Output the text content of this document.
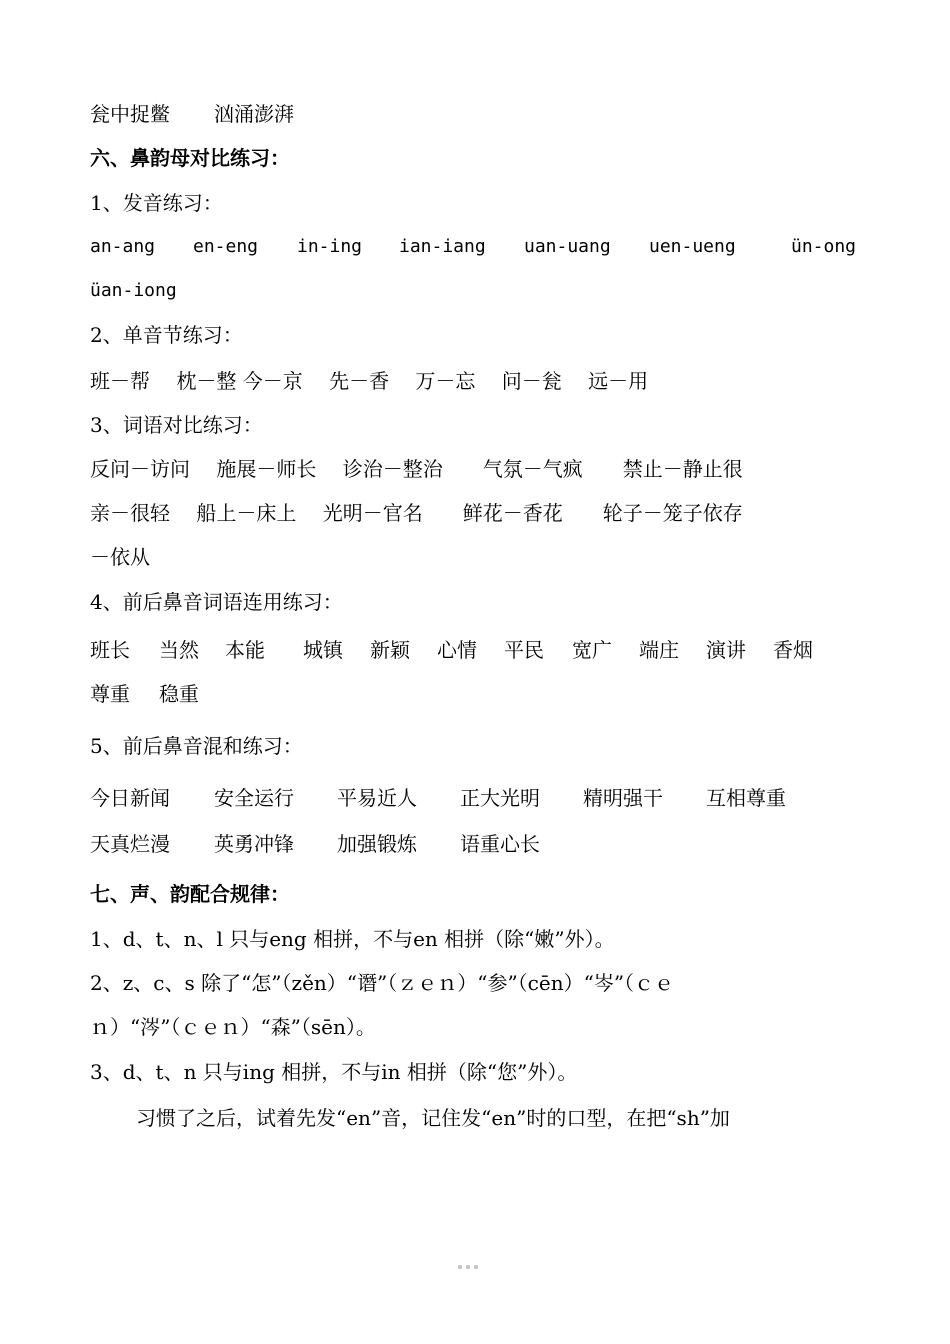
瓮中捉鳖

汹涌澎湃

六、鼻韵母对比练习：
1、发音练习：

an-ang

en-eng

in-ing

ian-iang

uan-uang

uen-ueng

	ün-ong

üan-iong
2、单音节练习：
班－帮　 枕－整 今－京　 先－香　 万－忘　 问－瓮　 远－用
3、词语对比练习：
反问－访问　 施展－师长　 诊治－整治　　气氛－气疯　　禁止－静止很
亲－很轻　 船上－床上　 光明－官名　　鲜花－香花　　轮子－笼子依存
－依从
4、前后鼻音词语连用练习：

班长

当然

本能

城镇

新颖

心情

平民

宽广

端庄

演讲

香烟

尊重

稳重

5、前后鼻音混和练习：

今日新闻

安全运行

平易近人

正大光明

精明强干

互相尊重

天真烂漫

英勇冲锋

加强锻炼

语重心长

七、声、韵配合规律：
1、d、t、n、l 只与eng 相拼，不与en 相拼（除“嫩”外）。
2、z、c、s 除了“怎”（zěn）“谮”（ｚｅｎ）“参”（cēn）“岑”（ｃｅ
ｎ）“涔”（ｃｅｎ）“森”（sēn）。
3、d、t、n 只与ing 相拼，不与in 相拼（除“您”外）。
习惯了之后，试着先发“en”音，记住发“en”时的口型，在把“sh”加
